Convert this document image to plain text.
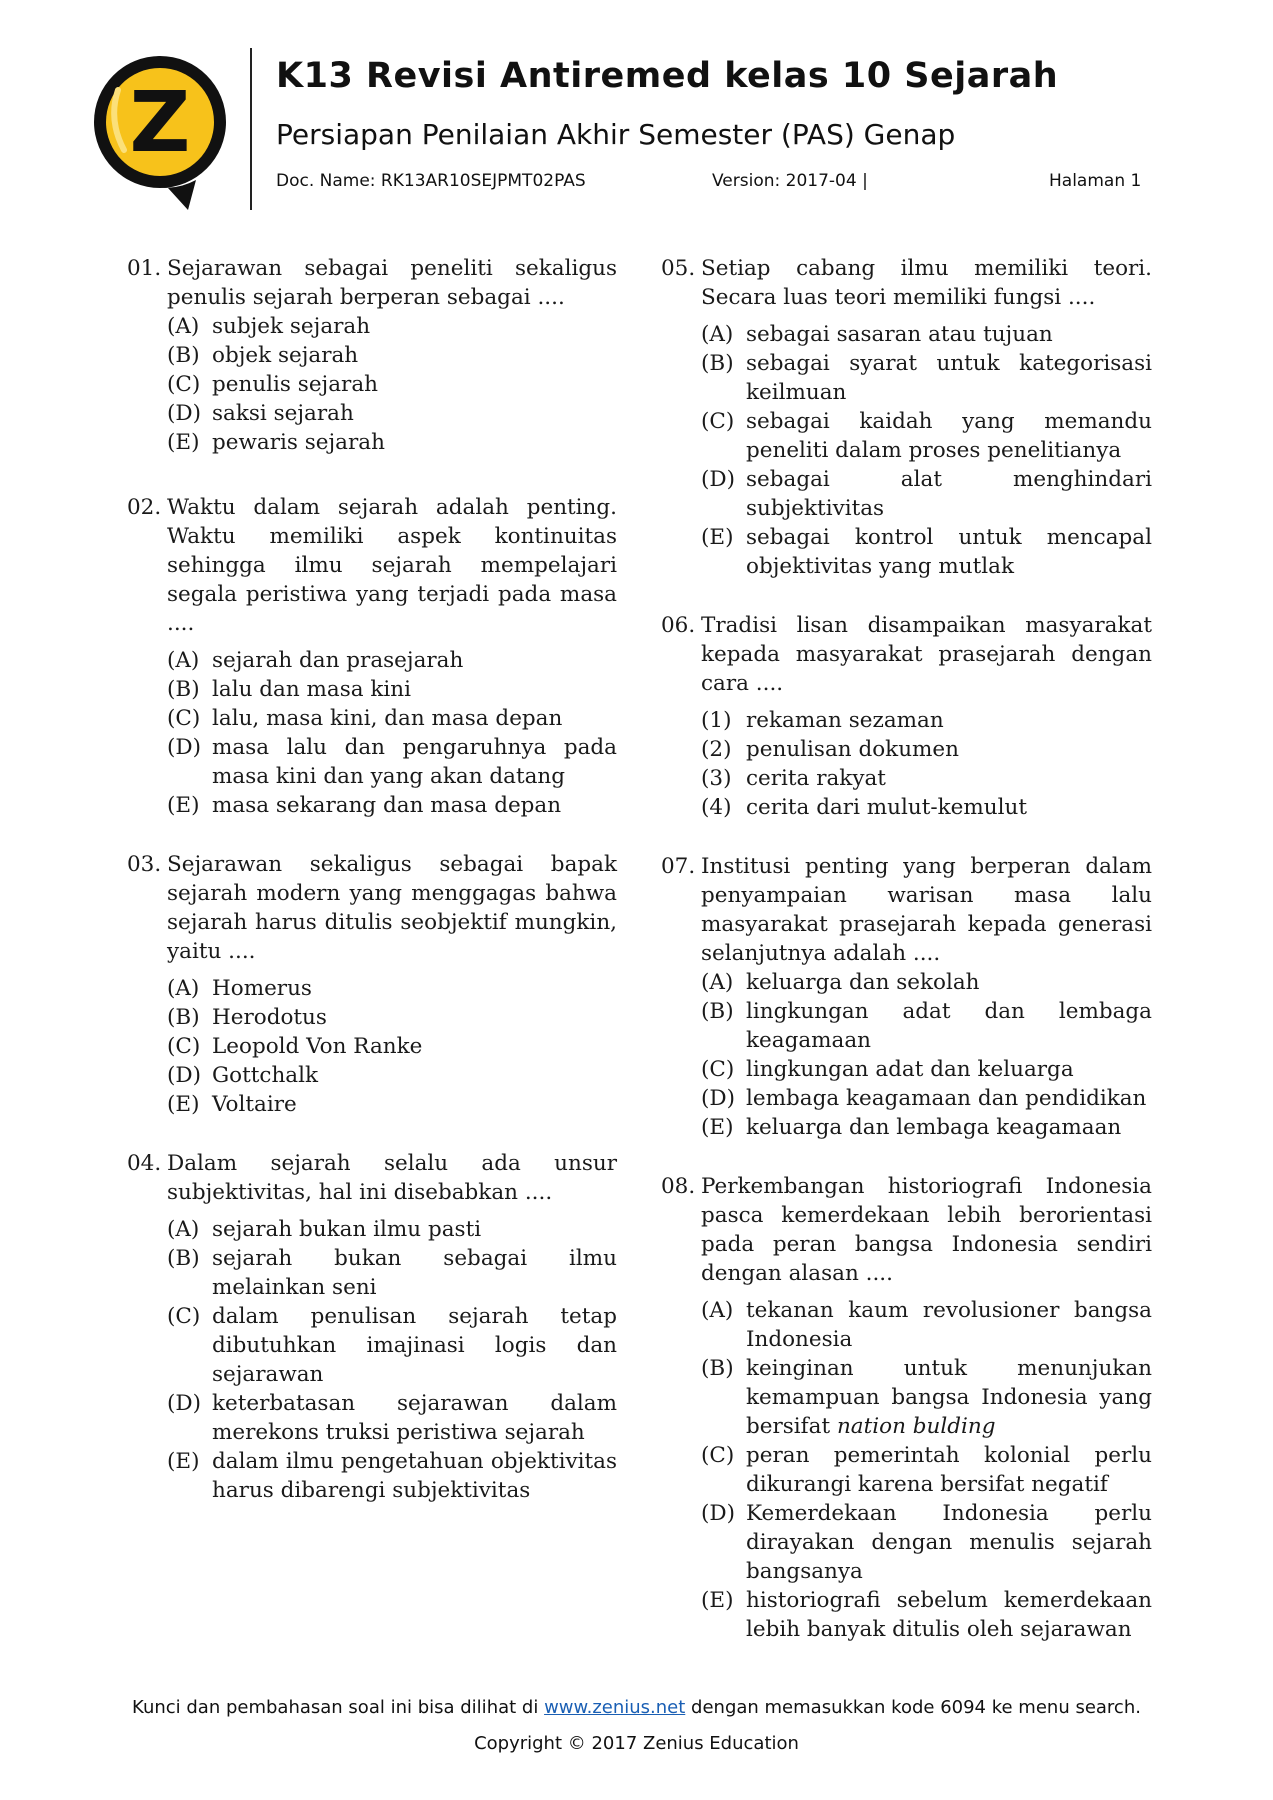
Z K13 Revisi Antiremed kelas 10 Sejarah
Persiapan Penilaian Akhir Semester (PAS) Genap
Doc. Name: RK13AR10SEJPMT02PAS	Version: 2017-04 |	Halaman 1
01. Sejarawan sebagai peneliti sekaligus penulis sejarah berperan sebagai ....
(A) subjek sejarah
(B) objek sejarah
(C) penulis sejarah
(D) saksi sejarah
(E) pewaris sejarah
02. Waktu dalam sejarah adalah penting. Waktu memiliki aspek kontinuitas sehingga ilmu sejarah mempelajari segala peristiwa yang terjadi pada masa ....
(A) sejarah dan prasejarah
(B) lalu dan masa kini
(C) lalu, masa kini, dan masa depan
(D) masa lalu dan pengaruhnya pada masa kini dan yang akan datang
(E) masa sekarang dan masa depan
03. Sejarawan sekaligus sebagai bapak sejarah modern yang menggagas bahwa sejarah harus ditulis seobjektif mungkin, yaitu ....
(A) Homerus
(B) Herodotus
(C) Leopold Von Ranke
(D) Gottchalk
(E) Voltaire
04. Dalam sejarah selalu ada unsur subjektivitas, hal ini disebabkan ....
(A) sejarah bukan ilmu pasti
(B) sejarah bukan sebagai ilmu melainkan seni
(C) dalam penulisan sejarah tetap dibutuhkan imajinasi logis dan sejarawan
(D) keterbatasan sejarawan dalam merekons truksi peristiwa sejarah
(E) dalam ilmu pengetahuan objektivitas harus dibarengi subjektivitas
05. Setiap cabang ilmu memiliki teori. Secara luas teori memiliki fungsi ....
(A) sebagai sasaran atau tujuan
(B) sebagai syarat untuk kategorisasi keilmuan
(C) sebagai kaidah yang memandu peneliti dalam proses penelitianya
(D) sebagai alat menghindari subjektivitas
(E) sebagai kontrol untuk mencapal objektivitas yang mutlak
06. Tradisi lisan disampaikan masyarakat kepada masyarakat prasejarah dengan cara ....
(1) rekaman sezaman
(2) penulisan dokumen
(3) cerita rakyat
(4) cerita dari mulut-kemulut
07. Institusi penting yang berperan dalam penyampaian warisan masa lalu masyarakat prasejarah kepada generasi selanjutnya adalah ....
(A) keluarga dan sekolah
(B) lingkungan adat dan lembaga keagamaan
(C) lingkungan adat dan keluarga
(D) lembaga keagamaan dan pendidikan
(E) keluarga dan lembaga keagamaan
08. Perkembangan historiografi Indonesia pasca kemerdekaan lebih berorientasi pada peran bangsa Indonesia sendiri dengan alasan ....
(A) tekanan kaum revolusioner bangsa Indonesia
(B) keinginan untuk menunjukan kemampuan bangsa Indonesia yang bersifat nation bulding
(C) peran pemerintah kolonial perlu dikurangi karena bersifat negatif
(D) Kemerdekaan Indonesia perlu dirayakan dengan menulis sejarah bangsanya
(E) historiografi sebelum kemerdekaan lebih banyak ditulis oleh sejarawan
Kunci dan pembahasan soal ini bisa dilihat di www.zenius.net dengan memasukkan kode 6094 ke menu search.
Copyright © 2017 Zenius Education
